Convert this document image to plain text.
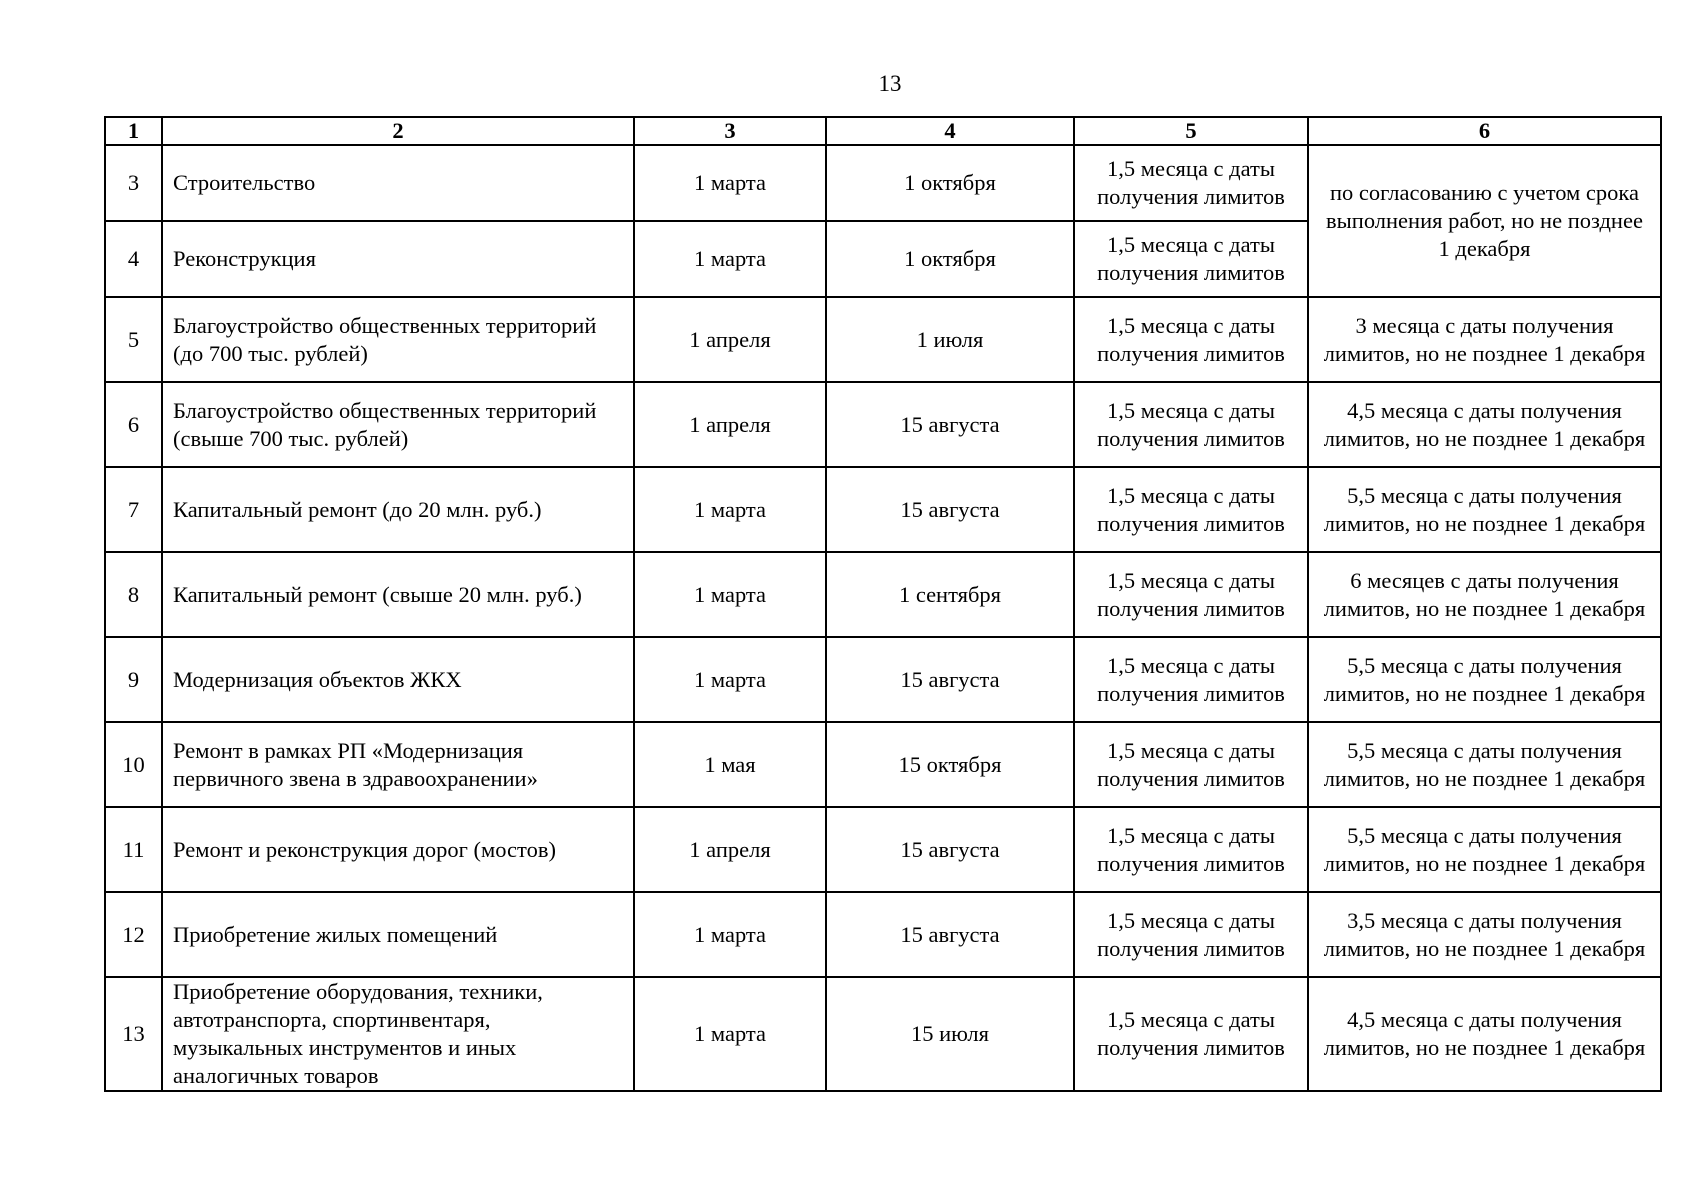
13
1	2	3	4	5	6
3	Строительство	1 марта	1 октября	1,5 месяца с даты получения лимитов	по согласованию с учетом срока выполнения работ, но не позднее 1 декабря
4	Реконструкция	1 марта	1 октября	1,5 месяца с даты получения лимитов	
5	Благоустройство общественных территорий (до 700 тыс. рублей)	1 апреля	1 июля	1,5 месяца с даты получения лимитов	3 месяца с даты получения лимитов, но не позднее 1 декабря
6	Благоустройство общественных территорий (свыше 700 тыс. рублей)	1 апреля	15 августа	1,5 месяца с даты получения лимитов	4,5 месяца с даты получения лимитов, но не позднее 1 декабря
7	Капитальный ремонт (до 20 млн. руб.)	1 марта	15 августа	1,5 месяца с даты получения лимитов	5,5 месяца с даты получения лимитов, но не позднее 1 декабря
8	Капитальный ремонт (свыше 20 млн. руб.)	1 марта	1 сентября	1,5 месяца с даты получения лимитов	6 месяцев с даты получения лимитов, но не позднее 1 декабря
9	Модернизация объектов ЖКХ	1 марта	15 августа	1,5 месяца с даты получения лимитов	5,5 месяца с даты получения лимитов, но не позднее 1 декабря
10	Ремонт в рамках РП «Модернизация первичного звена в здравоохранении»	1 мая	15 октября	1,5 месяца с даты получения лимитов	5,5 месяца с даты получения лимитов, но не позднее 1 декабря
11	Ремонт и реконструкция дорог (мостов)	1 апреля	15 августа	1,5 месяца с даты получения лимитов	5,5 месяца с даты получения лимитов, но не позднее 1 декабря
12	Приобретение жилых помещений	1 марта	15 августа	1,5 месяца с даты получения лимитов	3,5 месяца с даты получения лимитов, но не позднее 1 декабря
13	Приобретение оборудования, техники, автотранспорта, спортинвентаря, музыкальных инструментов и иных аналогичных товаров	1 марта	15 июля	1,5 месяца с даты получения лимитов	4,5 месяца с даты получения лимитов, но не позднее 1 декабря
